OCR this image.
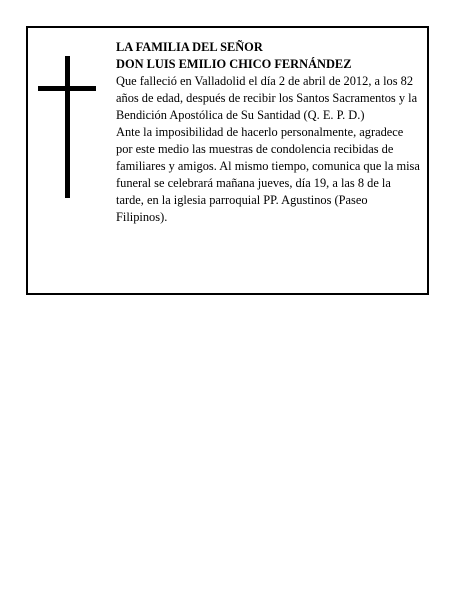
LA FAMILIA DEL SEÑOR
DON LUIS EMILIO CHICO FERNÁNDEZ

Que falleció en Valladolid el día 2 de abril de 2012, a los 82 años de edad, después de recibir los Santos Sacramentos y la Bendición Apostólica de Su Santidad (Q. E. P. D.)

Ante la imposibilidad de hacerlo personalmente, agradece por este medio las muestras de condolencia recibidas de familiares y amigos. Al mismo tiempo, comunica que la misa funeral se celebrará mañana jueves, día 19, a las 8 de la tarde, en la iglesia parroquial PP. Agustinos (Paseo Filipinos).
